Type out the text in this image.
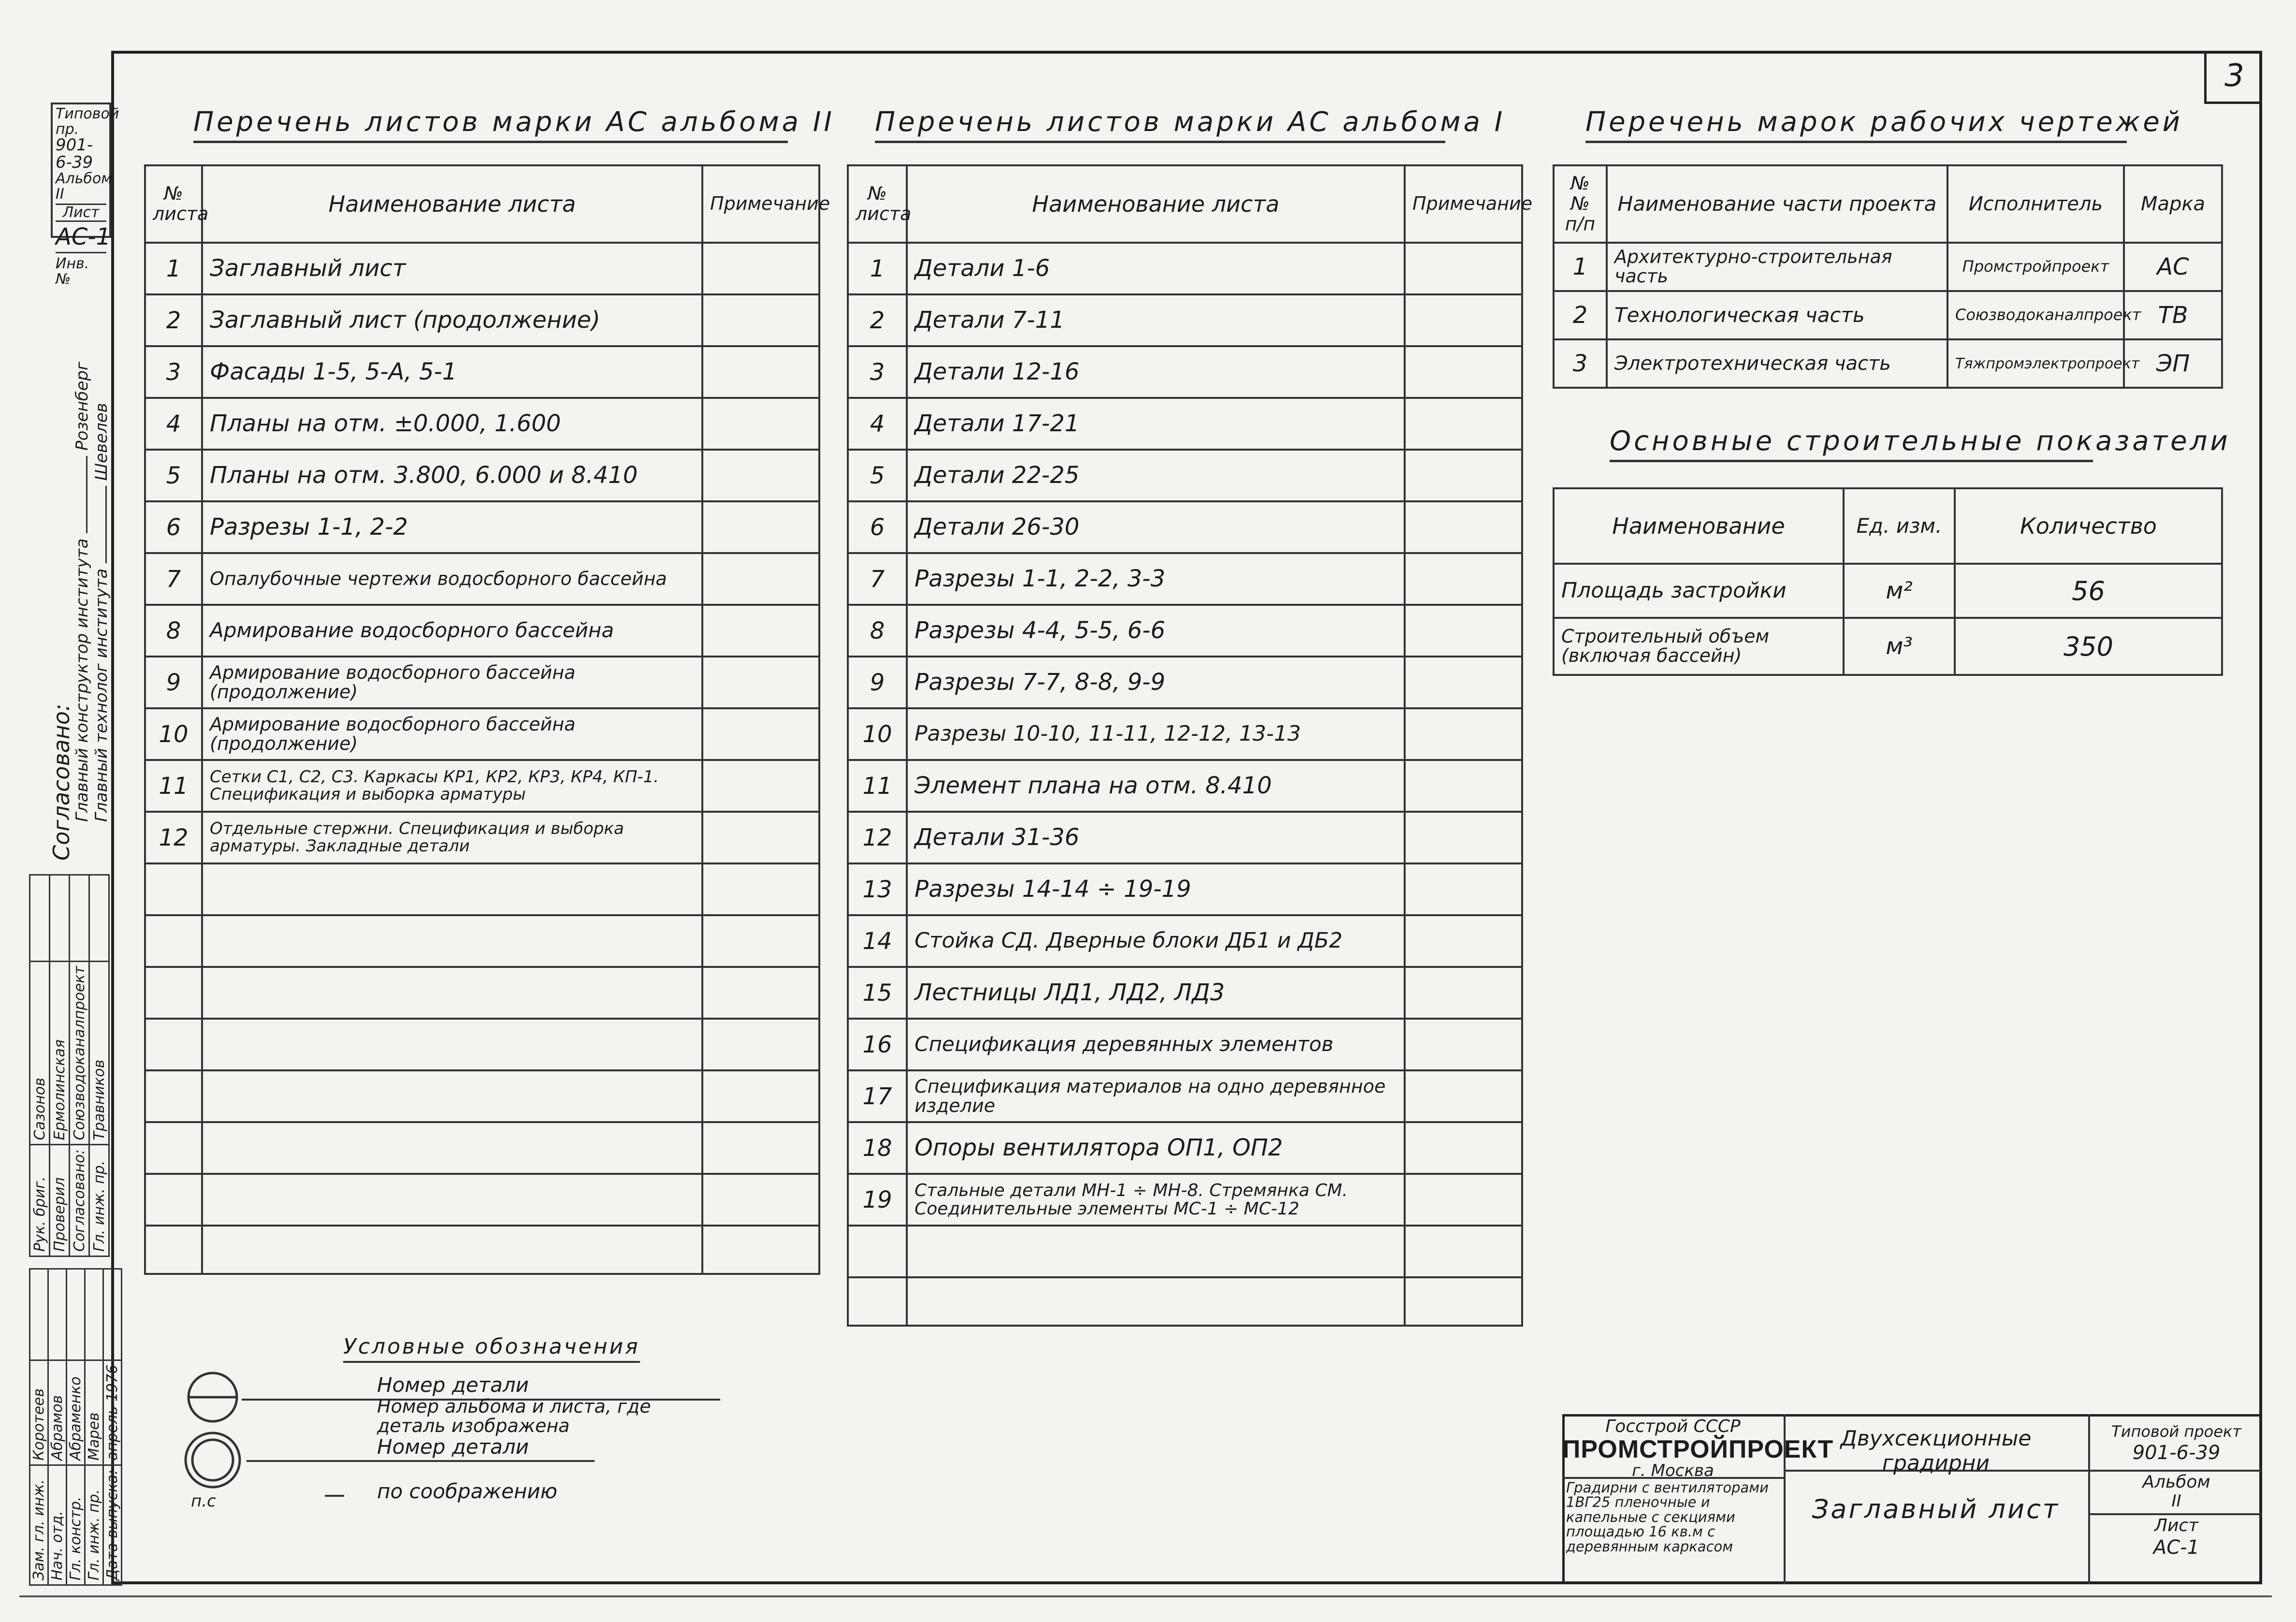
3
Типовой пр.
901-6-39
Альбом II
Лист
АС-1
Инв. №
Согласовано:
Главный конструктор института  Розенберг
Главный технолог института  Шевелев
Рук. бриг.	Сазонов	
Проверил	Ермолинская	
Согласовано:	Союзводоканалпроект	
Гл. инж. пр.	Травников	
Зам. гл. инж.	Коротеев	
Нач. отд.	Абрамов	
Гл. констр.	Абраменко	
Гл. инж. пр.	Марев	
Дата выпуска:	апрель 1976	
Перечень листов марки АС альбома II
№ листа	Наименование листа	Примечание
1	Заглавный лист	
2	Заглавный лист (продолжение)	
3	Фасады 1-5, 5-А, 5-1	
4	Планы на отм. ±0.000, 1.600	
5	Планы на отм. 3.800, 6.000 и 8.410	
6	Разрезы 1-1, 2-2	
7	Опалубочные чертежи водосборного бассейна	
8	Армирование водосборного бассейна	
9	Армирование водосборного бассейна (продолжение)	
10	Армирование водосборного бассейна (продолжение)	
11	Сетки С1, С2, С3. Каркасы КР1, КР2, КР3, КР4, КП-1. Спецификация и выборка арматуры	
12	Отдельные стержни. Спецификация и выборка арматуры. Закладные детали	

Перечень листов марки АС альбома I
№ листа	Наименование листа	Примечание
1	Детали 1-6	
2	Детали 7-11	
3	Детали 12-16	
4	Детали 17-21	
5	Детали 22-25	
6	Детали 26-30	
7	Разрезы 1-1, 2-2, 3-3	
8	Разрезы 4-4, 5-5, 6-6	
9	Разрезы 7-7, 8-8, 9-9	
10	Разрезы 10-10, 11-11, 12-12, 13-13	
11	Элемент плана на отм. 8.410	
12	Детали 31-36	
13	Разрезы 14-14 ÷ 19-19	
14	Стойка СД. Дверные блоки ДБ1 и ДБ2	
15	Лестницы ЛД1, ЛД2, ЛД3	
16	Спецификация деревянных элементов	
17	Спецификация материалов на одно деревянное изделие	
18	Опоры вентилятора ОП1, ОП2	
19	Стальные детали МН-1 ÷ МН-8. Стремянка СМ. Соединительные элементы МС-1 ÷ МС-12	

Перечень марок рабочих чертежей
№№ п/п	Наименование части проекта	Исполнитель	Марка
1	Архитектурно-строительная часть	Промстройпроект	АС
2	Технологическая часть	Союзводоканалпроект	ТВ
3	Электротехническая часть	Тяжпромэлектропроект	ЭП
Основные строительные показатели
Наименование	Ед. изм.	Количество
Площадь застройки	м²	56
Строительный объем (включая бассейн)	м³	350
Условные обозначения
п.с
Номер детали
Номер альбома и листа, где деталь изображена
Номер детали
по соображению
Госстрой СССР
ПРОМСТРОЙПРОЕКТ
г. Москва
Градирни с вентиляторами 1ВГ25 пленочные и капельные с секциями площадью 16 кв.м с деревянным каркасом
Двухсекционные градирни
Заглавный лист
Типовой проект
901-6-39
Альбом
II
Лист
АС-1
